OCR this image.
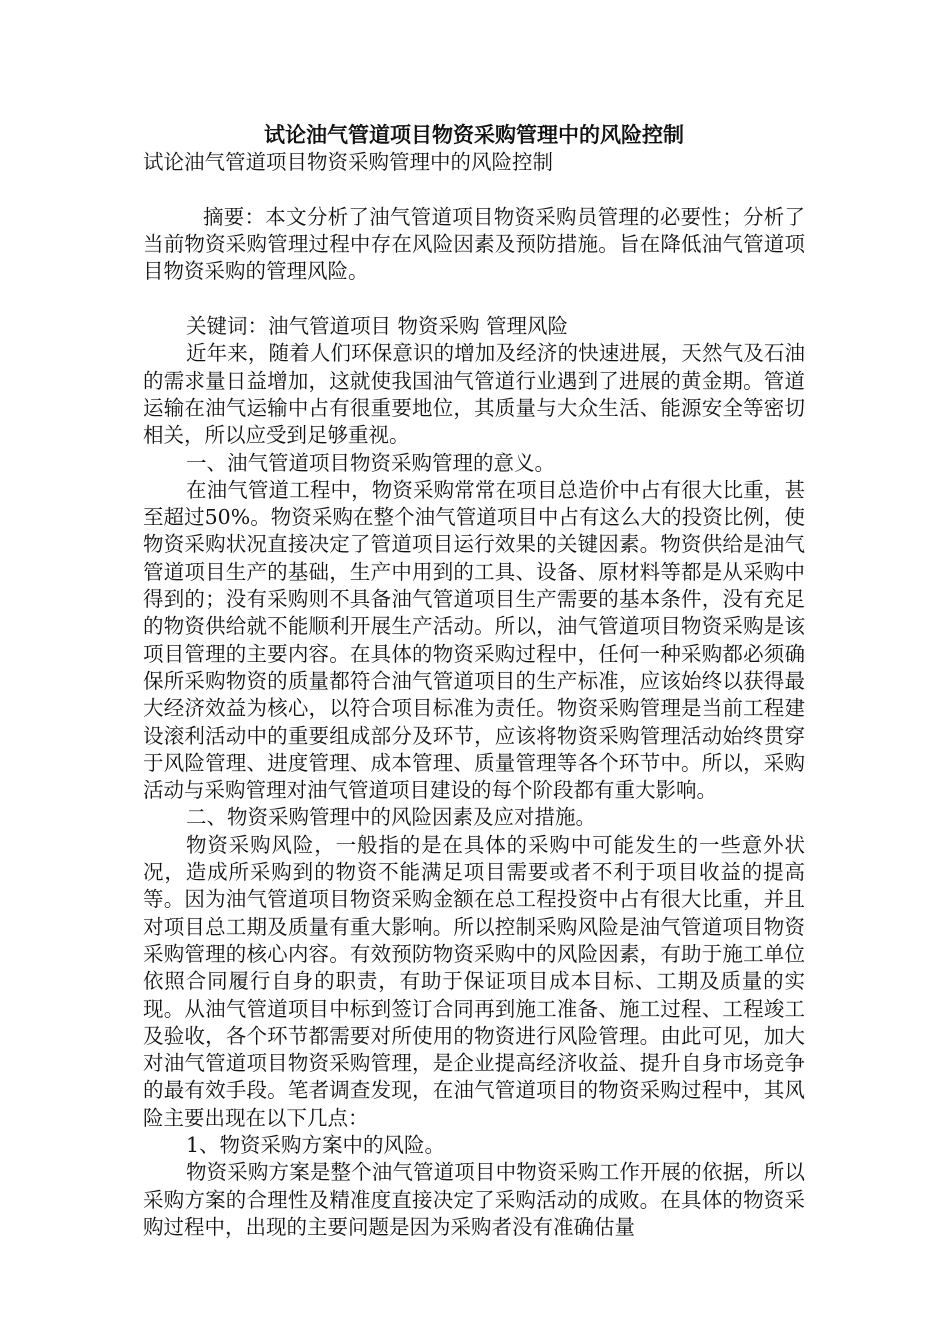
试论油气管道项目物资采购管理中的风险控制

试论油气管道项目物资采购管理中的风险控制

摘要：本文分析了油气管道项目物资采购员管理的必要性；分析了当前物资采购管理过程中存在风险因素及预防措施。旨在降低油气管道项目物资采购的管理风险。

关键词：油气管道项目 物资采购 管理风险

近年来，随着人们环保意识的增加及经济的快速进展，天然气及石油的需求量日益增加，这就使我国油气管道行业遇到了进展的黄金期。管道运输在油气运输中占有很重要地位，其质量与大众生活、能源安全等密切相关，所以应受到足够重视。

一、油气管道项目物资采购管理的意义。

在油气管道工程中，物资采购常常在项目总造价中占有很大比重，甚至超过50%。物资采购在整个油气管道项目中占有这么大的投资比例，使物资采购状况直接决定了管道项目运行效果的关键因素。物资供给是油气管道项目生产的基础，生产中用到的工具、设备、原材料等都是从采购中得到的；没有采购则不具备油气管道项目生产需要的基本条件，没有充足的物资供给就不能顺利开展生产活动。所以，油气管道项目物资采购是该项目管理的主要内容。在具体的物资采购过程中，任何一种采购都必须确保所采购物资的质量都符合油气管道项目的生产标准，应该始终以获得最大经济效益为核心，以符合项目标准为责任。物资采购管理是当前工程建设滚利活动中的重要组成部分及环节，应该将物资采购管理活动始终贯穿于风险管理、进度管理、成本管理、质量管理等各个环节中。所以，采购活动与采购管理对油气管道项目建设的每个阶段都有重大影响。

二、物资采购管理中的风险因素及应对措施。

物资采购风险，一般指的是在具体的采购中可能发生的一些意外状况，造成所采购到的物资不能满足项目需要或者不利于项目收益的提高等。因为油气管道项目物资采购金额在总工程投资中占有很大比重，并且对项目总工期及质量有重大影响。所以控制采购风险是油气管道项目物资采购管理的核心内容。有效预防物资采购中的风险因素，有助于施工单位依照合同履行自身的职责，有助于保证项目成本目标、工期及质量的实现。从油气管道项目中标到签订合同再到施工准备、施工过程、工程竣工及验收，各个环节都需要对所使用的物资进行风险管理。由此可见，加大对油气管道项目物资采购管理，是企业提高经济收益、提升自身市场竞争的最有效手段。笔者调查发现，在油气管道项目的物资采购过程中，其风险主要出现在以下几点：

1、物资采购方案中的风险。

物资采购方案是整个油气管道项目中物资采购工作开展的依据，所以采购方案的合理性及精准度直接决定了采购活动的成败。在具体的物资采购过程中，出现的主要问题是因为采购者没有准确估量
